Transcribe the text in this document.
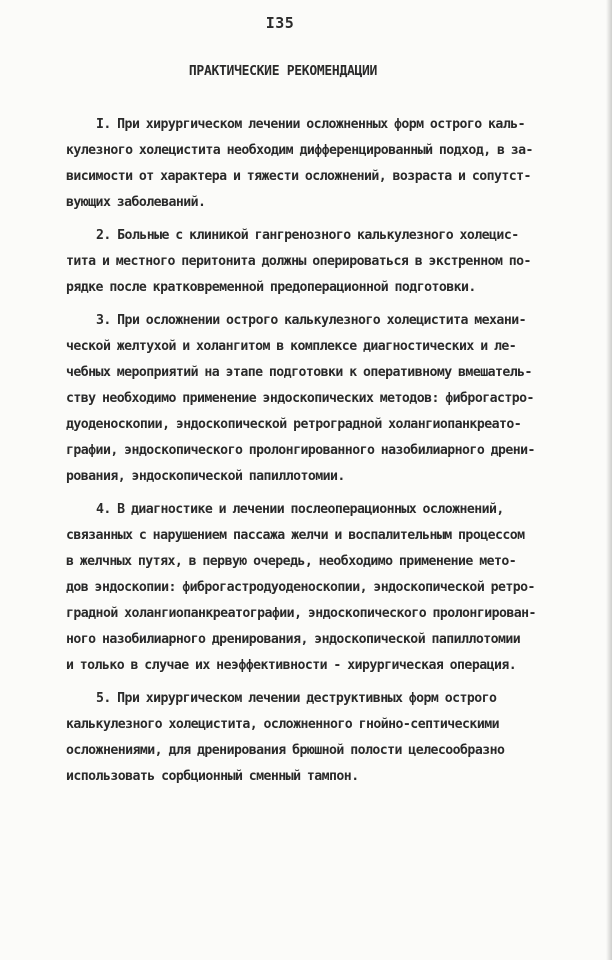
I35
ПРАКТИЧЕСКИЕ РЕКОМЕНДАЦИИ
I. При хирургическом лечении осложненных форм острого каль-
кулезного холецистита необходим дифференцированный подход, в за-
висимости от характера и тяжести осложнений, возраста и сопутст-
вующих заболеваний.
2. Больные с клиникой гангренозного калькулезного холецис-
тита и местного перитонита должны оперироваться в экстренном по-
рядке после кратковременной предоперационной подготовки.
3. При осложнении острого калькулезного холецистита механи-
ческой желтухой и холангитом в комплексе диагностических и ле-
чебных мероприятий на этапе подготовки к оперативному вмешатель-
ству необходимо применение эндоскопических методов: фиброгастро-
дуоденоскопии, эндоскопической ретроградной холангиопанкреато-
графии, эндоскопического пролонгированного назобилиарного дрени-
рования, эндоскопической папиллотомии.
4. В диагностике и лечении послеоперационных осложнений,
связанных с нарушением пассажа желчи и воспалительным процессом
в желчных путях, в первую очередь, необходимо применение мето-
дов эндоскопии: фиброгастродуоденоскопии, эндоскопической ретро-
градной холангиопанкреатографии, эндоскопического пролонгирован-
ного назобилиарного дренирования, эндоскопической папиллотомии
и только в случае их неэффективности - хирургическая операция.
5. При хирургическом лечении деструктивных форм острого
калькулезного холецистита, осложненного гнойно-септическими
осложнениями, для дренирования брюшной полости целесообразно
использовать сорбционный сменный тампон.
